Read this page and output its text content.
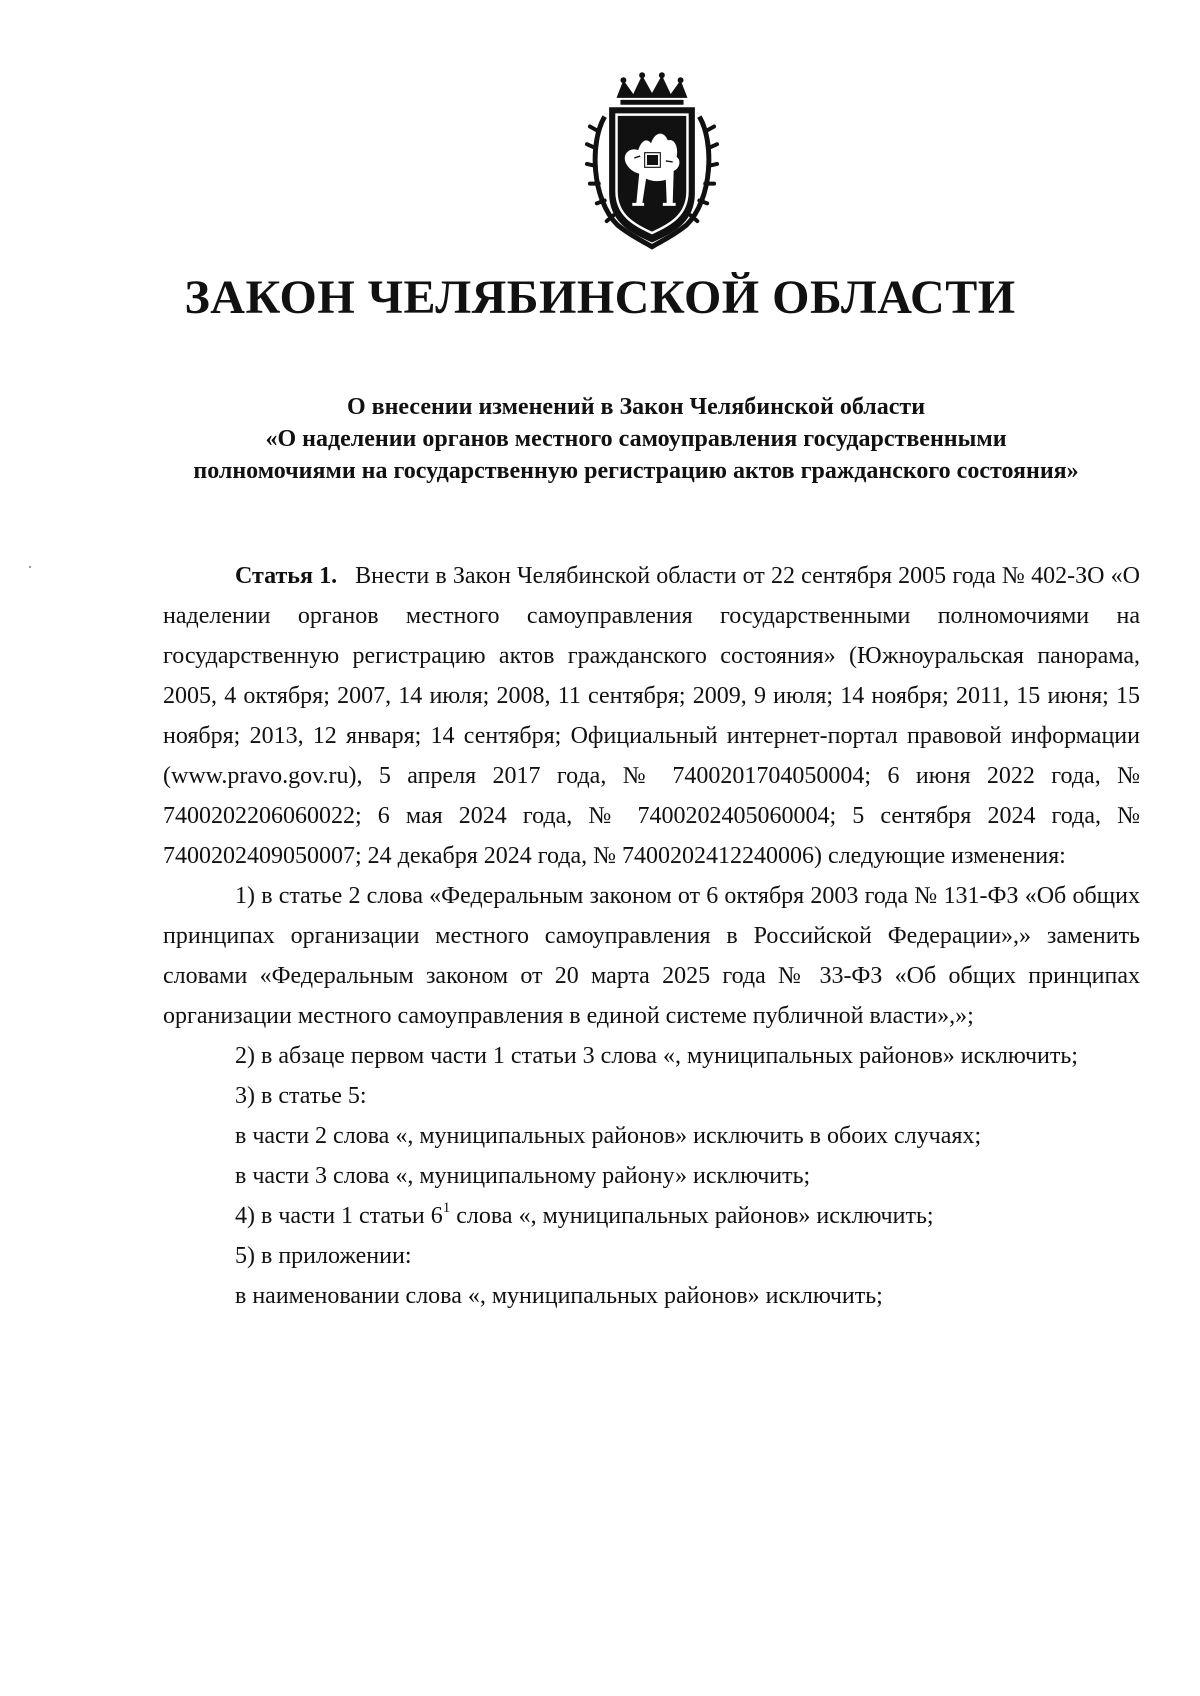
ЗАКОН ЧЕЛЯБИНСКОЙ ОБЛАСТИ
О внесении изменений в Закон Челябинской области
«О наделении органов местного самоуправления государственными
полномочиями на государственную регистрацию актов гражданского состояния»

Статья 1. Внести в Закон Челябинской области от 22 сентября 2005 года № 402-ЗО «О наделении органов местного самоуправления государственными полномочиями на государственную регистрацию актов гражданского состояния» (Южноуральская панорама, 2005, 4 октября; 2007, 14 июля; 2008, 11 сентября; 2009, 9 июля; 14 ноября; 2011, 15 июня; 15 ноября; 2013, 12 января; 14 сентября; Официальный интернет-портал правовой информации (www.pravo.gov.ru), 5 апреля 2017 года, № 7400201704050004; 6 июня 2022 года, № 7400202206060022; 6 мая 2024 года, № 7400202405060004; 5 сентября 2024 года, № 7400202409050007; 24 декабря 2024 года, № 7400202412240006) следующие изменения:

1) в статье 2 слова «Федеральным законом от 6 октября 2003 года № 131-ФЗ «Об общих принципах организации местного самоуправления в Российской Федерации»,» заменить словами «Федеральным законом от 20 марта 2025 года № 33-ФЗ «Об общих принципах организации местного самоуправления в единой системе публичной власти»,»;

2) в абзаце первом части 1 статьи 3 слова «, муниципальных районов» исключить;

3) в статье 5:

в части 2 слова «, муниципальных районов» исключить в обоих случаях;

в части 3 слова «, муниципальному району» исключить;

4) в части 1 статьи $6^1$ слова «, муниципальных районов» исключить;

5) в приложении:

в наименовании слова «, муниципальных районов» исключить;
